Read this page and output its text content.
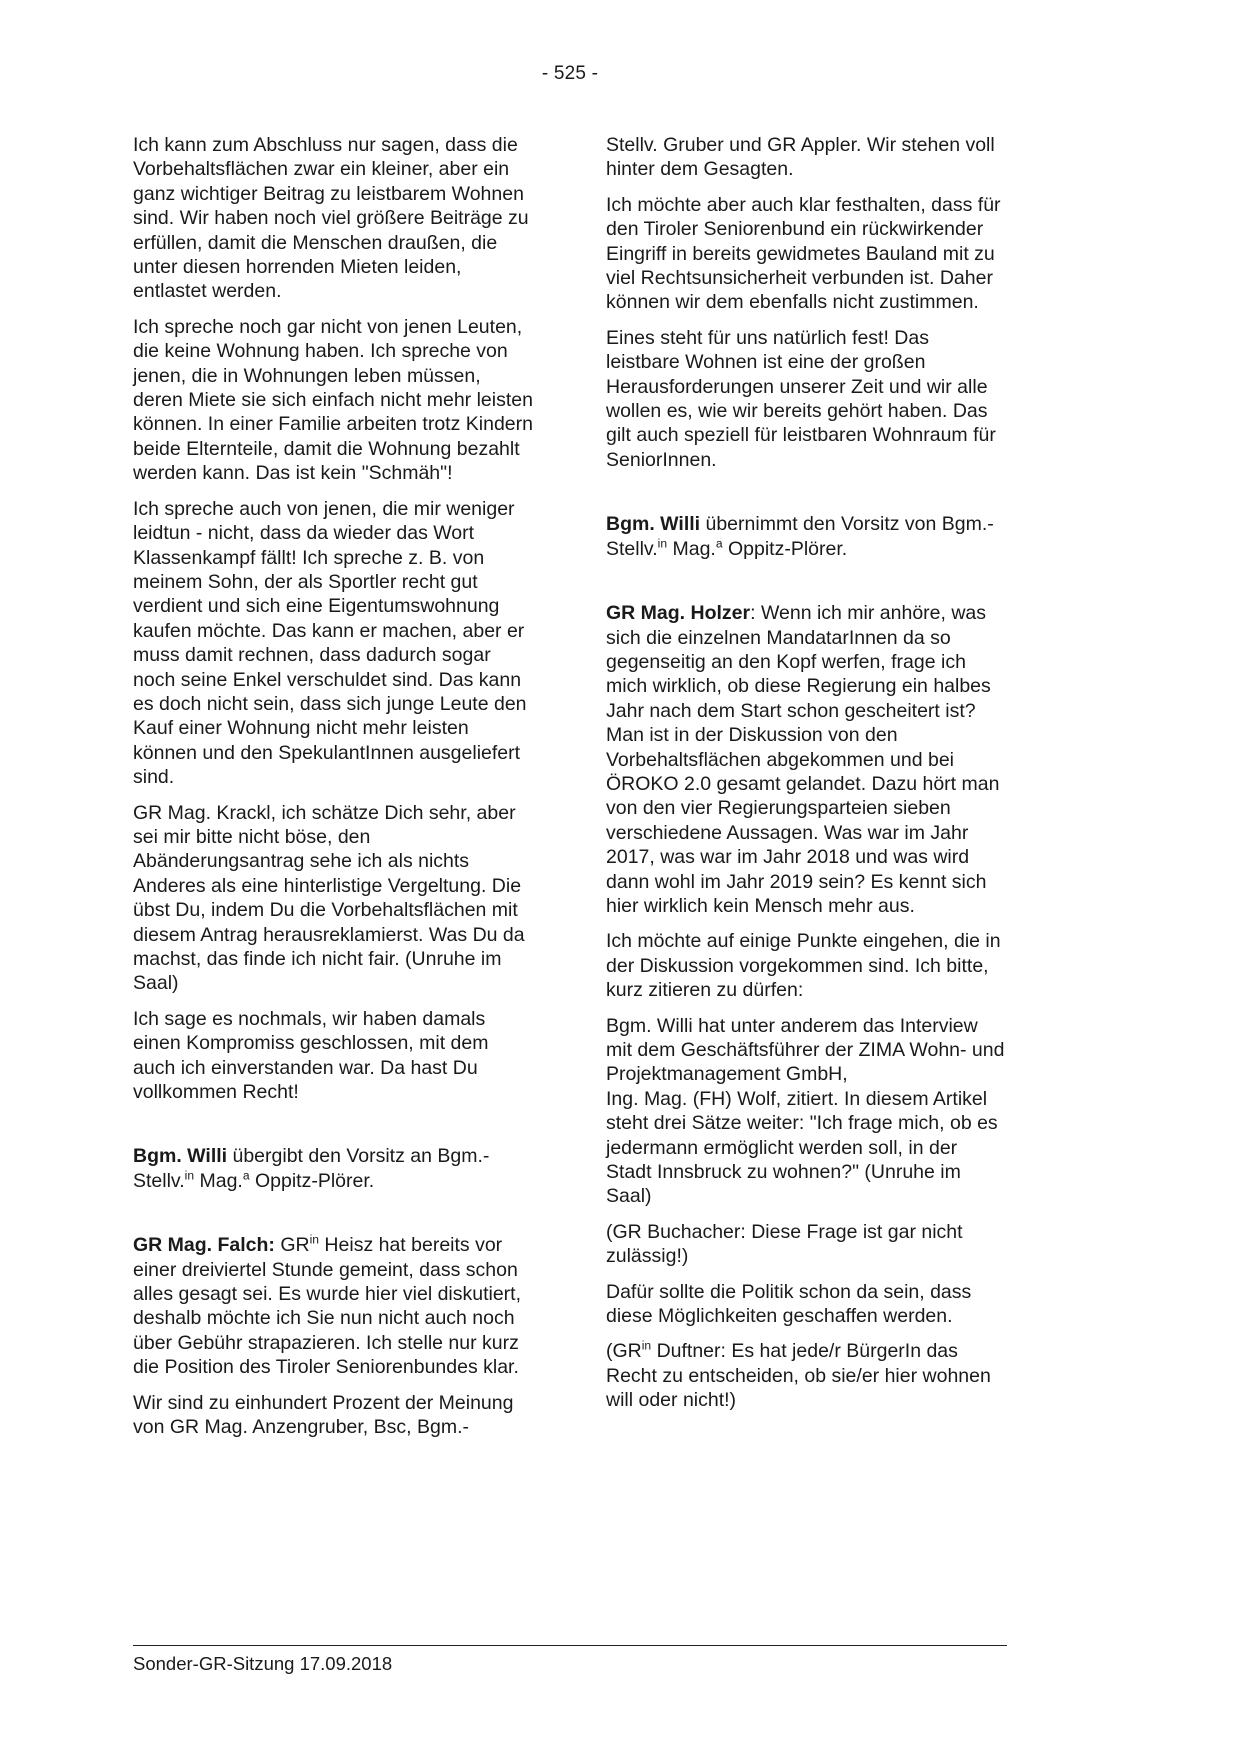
- 525 -

Ich kann zum Abschluss nur sagen, dass die Vorbehaltsflächen zwar ein kleiner, aber ein ganz wichtiger Beitrag zu leistbarem Wohnen sind. Wir haben noch viel größere Beiträge zu erfüllen, damit die Menschen draußen, die unter diesen horrenden Mieten leiden, entlastet werden.

Ich spreche noch gar nicht von jenen Leuten, die keine Wohnung haben. Ich spreche von jenen, die in Wohnungen leben müssen, deren Miete sie sich einfach nicht mehr leisten können. In einer Familie arbeiten trotz Kindern beide Elternteile, damit die Wohnung bezahlt werden kann. Das ist kein "Schmäh"!

Ich spreche auch von jenen, die mir weniger leidtun - nicht, dass da wieder das Wort Klassenkampf fällt! Ich spreche z. B. von meinem Sohn, der als Sportler recht gut verdient und sich eine Eigentumswohnung kaufen möchte. Das kann er machen, aber er muss damit rechnen, dass dadurch sogar noch seine Enkel verschuldet sind. Das kann es doch nicht sein, dass sich junge Leute den Kauf einer Wohnung nicht mehr leisten können und den SpekulantInnen ausgeliefert sind.

GR Mag. Krackl, ich schätze Dich sehr, aber sei mir bitte nicht böse, den Abänderungsantrag sehe ich als nichts Anderes als eine hinterlistige Vergeltung. Die übst Du, indem Du die Vorbehaltsflächen mit diesem Antrag herausreklamierst. Was Du da machst, das finde ich nicht fair. (Unruhe im Saal)

Ich sage es nochmals, wir haben damals einen Kompromiss geschlossen, mit dem auch ich einverstanden war. Da hast Du vollkommen Recht!

Bgm. Willi übergibt den Vorsitz an Bgm.-Stellv.$^{in}$ Mag.$^a$ Oppitz-Plörer.

GR Mag. Falch: $GR^{in}$ Heisz hat bereits vor einer dreiviertel Stunde gemeint, dass schon alles gesagt sei. Es wurde hier viel diskutiert, deshalb möchte ich Sie nun nicht auch noch über Gebühr strapazieren. Ich stelle nur kurz die Position des Tiroler Seniorenbundes klar.

Wir sind zu einhundert Prozent der Meinung von GR Mag. Anzengruber, Bsc, Bgm.-

Stellv. Gruber und GR Appler. Wir stehen voll hinter dem Gesagten.

Ich möchte aber auch klar festhalten, dass für den Tiroler Seniorenbund ein rückwirkender Eingriff in bereits gewidmetes Bauland mit zu viel Rechtsunsicherheit verbunden ist. Daher können wir dem ebenfalls nicht zustimmen.

Eines steht für uns natürlich fest! Das leistbare Wohnen ist eine der großen Herausforderungen unserer Zeit und wir alle wollen es, wie wir bereits gehört haben. Das gilt auch speziell für leistbaren Wohnraum für SeniorInnen.

Bgm. Willi übernimmt den Vorsitz von Bgm.-Stellv.$^{in}$ Mag.$^a$ Oppitz-Plörer.

GR Mag. Holzer: Wenn ich mir anhöre, was sich die einzelnen MandatarInnen da so gegenseitig an den Kopf werfen, frage ich mich wirklich, ob diese Regierung ein halbes Jahr nach dem Start schon gescheitert ist? Man ist in der Diskussion von den Vorbehaltsflächen abgekommen und bei ÖROKO 2.0 gesamt gelandet. Dazu hört man von den vier Regierungsparteien sieben verschiedene Aussagen. Was war im Jahr 2017, was war im Jahr 2018 und was wird dann wohl im Jahr 2019 sein? Es kennt sich hier wirklich kein Mensch mehr aus.

Ich möchte auf einige Punkte eingehen, die in der Diskussion vorgekommen sind. Ich bitte, kurz zitieren zu dürfen:

Bgm. Willi hat unter anderem das Interview mit dem Geschäftsführer der ZIMA Wohn- und Projektmanagement GmbH,
Ing. Mag. (FH) Wolf, zitiert. In diesem Artikel steht drei Sätze weiter: "Ich frage mich, ob es jedermann ermöglicht werden soll, in der Stadt Innsbruck zu wohnen?" (Unruhe im Saal)

(GR Buchacher: Diese Frage ist gar nicht zulässig!)

Dafür sollte die Politik schon da sein, dass diese Möglichkeiten geschaffen werden.

($GR^{in}$ Duftner: Es hat jede/r BürgerIn das Recht zu entscheiden, ob sie/er hier wohnen will oder nicht!)

Sonder-GR-Sitzung 17.09.2018
